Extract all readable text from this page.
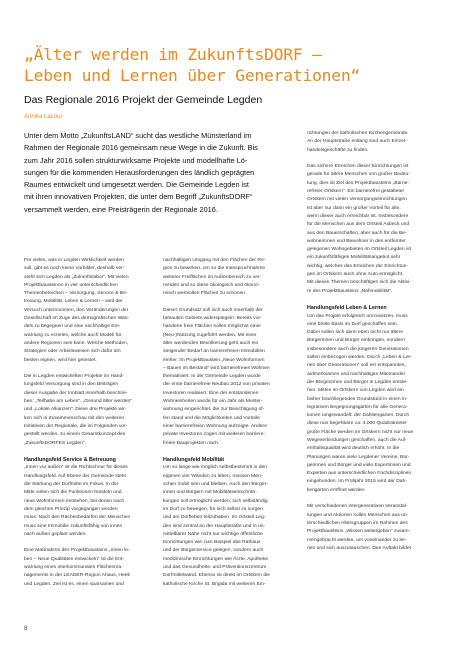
„Älter werden im ZukunftsDORF –
Leben und Lernen über Generationen“
Das Regionale 2016 Projekt der Gemeinde Legden
Annika Lacour
Unter dem Motto „ZukunftsLAND“ sucht das westliche Münsterland im
Rahmen der Regionale 2016 gemeinsam neue Wege in die Zukunft. Bis
zum Jahr 2016 sollen strukturwirksame Projekte und modellhafte Lö-
sungen für die kommenden Herausforderungen des ländlich geprägten
Raumes entwickelt und umgesetzt werden. Die Gemeinde Legden ist
mit ihren innovativen Projekten, die unter dem Begriff „ZukunftsDORF“
versammelt werden, eine Preisträgerin der Regionale 2016.
Für vieles, was in Legden Wirklichkeit werden
soll, gibt es noch keine Vorbilder, deshalb ver-
steht sich Legden als „Zukunftslabor“. Mit vielen
Projektbausteinen in vier unterschiedlichen
Themenbereichen – Versorgung, Service & Be-
treuung, Mobilität, Leben & Lernen – wird der
Versuch unternommen, den Veränderungen der
Gesellschaft im Zuge des demografischen Wan-
dels zu begegnen und eine nachhaltige Ent-
wicklung zu erzielen, welche auch Modell für
andere Regionen sein kann. Welche Methoden,
Strategien oder Arbeitsweisen sich dafür am
besten eignen, wird hier getestet.
Die in Legden entwickelten Projekte im Hand-
lungsfeld Versorgung sind in den Beiträgen
dieser Ausgabe der Innblatt innerhalb beschrie-
ben: „Teilhabe am Leben“, „Gesund älter werden“
und „Lokale Allianzen“. Diese drei Projekte wir-
ken sich in Zusammenschau mit den weiteren
Initiativen der Regionale, die im Folgenden vor-
gestellt werden, zu einem Gesamtkonzept des
„ZukunftsDORFES Legden“.
Handlungsfeld Service & Betreuung
„Innen vor außen“ ist die Richtschnur für dieses
Handlungsfeld. Auf Ebene der Gemeinde steht
die Stärkung der Dorfmitte im Fokus. In der
Mitte sollen sich die Funktionen bündeln und
neue Wohnformen entstehen, bei denen nach
dem gleichen Prinzip vorgegangen werden
muss: Nach den Rächenbedarfen der Menschen
muss eine Immobilie zukunftsfähig von innen
nach außen geplant werden.
Eine Maßnahme des Projektbausteins „Innen le-
ben – Neue Qualitäten entwickeln“ ist die Ent-
wicklung eines interkommunalen Flächenma-
nagements in der LEADER-Region Ahaus, Heek
und Legden. Ziel ist es, einen sparsamen und
nachhaltigen Umgang mit den Flächen der Re-
gion zu bewirken, um so die Inanspruchnahme
weiterer Freiflächen im Außenbereich zu ver-
meiden und so diese ökologisch und ökono-
misch wertvollen Flächen zu schonen.
Dieser Grundsatz soll sich auch innerhalb der
bebauten Gebiete widerspiegeln: Bereits vor-
handene freie Flächen sollen möglichst einer
(Neu-)Nutzung zugeführt werden. Mit einer
älter werdenden Bevölkerung geht auch ein
steigender Bedarf an barrierefreien Immobilien
einher. Im Projektbaustein „Neue Wohnformen
– Bauen im Bestand“ wird barrierefreies Wohnen
thematisiert. In der Gemeinde Legden wurde
der erste barrierefreie Neubau 2012 von privaten
Investoren realisiert. Eine der entstandenen
Wohneinheiten wurde für ein Jahr als Muster-
wohnung eingerichtet, die zur Besichtigung of-
fen stand und die Möglichkeiten und Vorteile
einer barrierefreien Wohnung aufzeigte. Andere
private Investoren zogen mit weiteren barriere-
freien Bauprojekten nach.
Handlungsfeld Mobilität
Um so lange wie möglich selbstbestimmt in den
eigenen vier Wänden zu leben, müssen Men-
schen mobil sein und bleiben. Auch den Bürger-
innen und Bürgern mit Mobilitätseinschrän-
kungen soll ermöglicht werden, sich selbständig
im Dorf zu bewegen, für sich selbst zu sorgen
und am Dorfleben teilzuhaben. Im Ortsteil Leg-
den sind zentral an der Hauptstraße und in un-
mittelbarer Nähe nicht nur wichtige öffentliche
Einrichtungen wie zum Beispiel das Rathaus
und der Bürgerservice gelegen, sondern auch
medizinische Einrichtungen wie Ärzte, Apotheke
und das Gesundheits- und Präventionszentrum
Dorfmittelwand. Ebenso ist direkt im Ortskern die
katholische Kirche St. Brigida mit weiteren Ein-
richtungen der katholischen Kirchengemeinde.
An der Hauptstraße entlang sind auch Einzel-
handelsgeschäfte zu finden.
Das sichere Erreichen dieser Einrichtungen ist
gerade für ältere Menschen von großer Bedeu-
tung; dies ist Ziel des Projektbausteins „Barrie-
refreier Ortskern“. Ein barrierefrei gestalteter
Ortskern mit vielen Versorgungseinrichtungen
ist aber nur dann ein großer Vorteil für alle,
wenn dieser auch erreichbar ist. Insbesondere
für die Menschen aus dem Ortsteil Asbeck und
aus den Bauerschaften, aber auch für die Be-
wohnerinnen und Bewohner in den entfernter
gelegenen Wohngebieten im Ortsteil Legden ist
ein zukunftsfähiges Mobilitätsangebot sehr
wichtig, welches das Erreichen der Einrichtun-
gen im Ortskern auch ohne Auto ermöglicht.
Mit diesen Themen beschäftigen sich die Aktivi-
re des Projektbausteins „Nahmobilität“.
Handlungsfeld Leben & Lernen
Um das Projekt erfolgreich umzusetzen, muss
eine breite Basis im Dorf geschaffen sein.
Dabei sollen sich dann eben nicht nur ältere
Bürgerinnen und Bürger einbringen, sondern
insbesondere auch die jüngeren Generationen
sollen einbezogen werden. Durch „Leben & Ler-
nen über Generationen“ soll ein entspanntes,
aufmerksames und nachhaltiges Miteinander
der Bürgerinnen und Bürger in Legden entste-
hen. Mitten im Ortskern von Legden wird ein
bisher brachliegendes Grundstück in einen in-
tegrativen Begegnungsgarten für alle Genera-
tionen umgewandelt: der Dahliengarten. Durch
diese nun begehbare ca. 4.000 Quadratmeter
große Fläche werden im Ortskern nicht nur neue
Wegeverbindungen geschaffen, auch die Auf-
enthaltsqualität wird deutlich erhöht. In die
Planungen waren viele Legdener Vereine, Bür-
gerinnen und Bürger und viele Expertinnen und
Experten aus unterschiedlichen Fachdisziplinen
eingebunden. Im Frühjahr 2015 wird der Dah-
liengarten eröffnet werden.
Mit verschiedenen intergenerativen Veranstal-
tungen und Aktionen sollen Menschen aus un-
terschiedlichen Altersgruppen im Rahmen des
Projektbausteins „Wissen weitergeben“ zusam-
mengebracht werden, um voneinander zu ler-
nen und sich auszutauschen. Den Auftakt bildet
8
